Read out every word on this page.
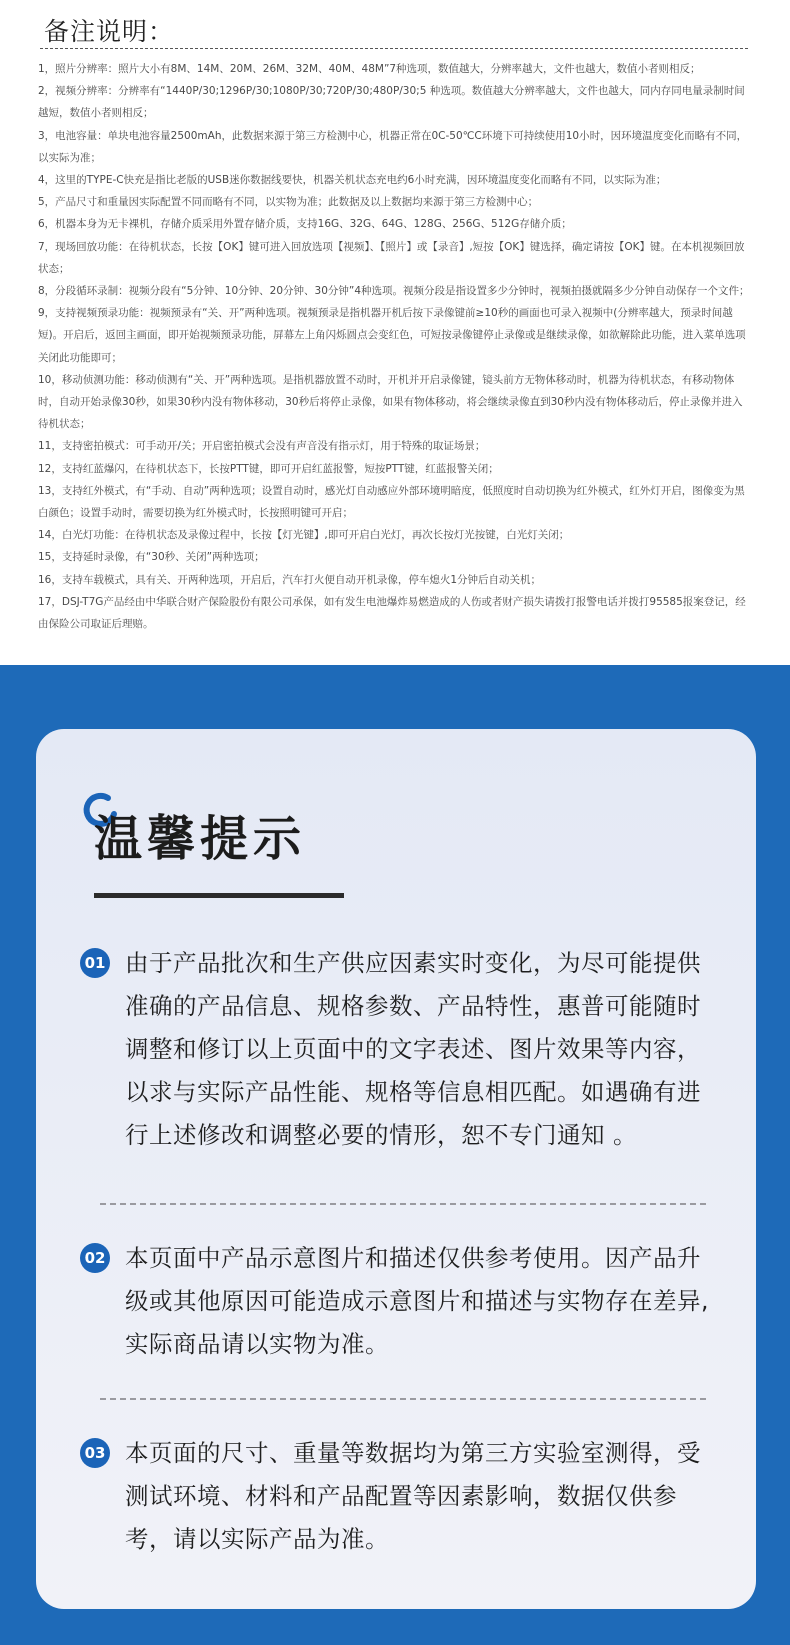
备注说明：
1，照片分辨率：照片大小有8M、14M、20M、26M、32M、40M、48M”7种选项，数值越大，分辨率越大，文件也越大，数值小者则相反；
2，视频分辨率：分辨率有“1440P/30;1296P/30;1080P/30;720P/30;480P/30;5 种选项。数值越大分辨率越大，文件也越大，同内存同电量录制时间越短，数值小者则相反；
3，电池容量：单块电池容量2500mAh，此数据来源于第三方检测中心，机器正常在0C-50℃C环境下可持续使用10小时，因环境温度变化而略有不同，以实际为准；
4，这里的TYPE-C快充是指比老版的USB迷你数据线要快，机器关机状态充电约6小时充满，因环境温度变化而略有不同，以实际为准；
5，产品尺寸和重量因实际配置不同而略有不同，以实物为准；此数据及以上数据均来源于第三方检测中心；
6，机器本身为无卡裸机，存储介质采用外置存储介质，支持16G、32G、64G、128G、256G、512G存储介质；
7，现场回放功能：在待机状态，长按【OK】键可进入回放选项【视频】、【照片】或【录音】,短按【OK】键选择，确定请按【OK】键。在本机视频回放状态；
8，分段循环录制：视频分段有“5分钟、10分钟、20分钟、30分钟”4种选项。视频分段是指设置多少分钟时，视频拍摄就隔多少分钟自动保存一个文件；
9，支持视频预录功能：视频预录有“关、开”两种选项。视频预录是指机器开机后按下录像键前≥10秒的画面也可录入视频中(分辨率越大，预录时间越短)。开启后，返回主画面，即开始视频预录功能，屏幕左上角闪烁圆点会变红色，可短按录像键停止录像或是继续录像，如欲解除此功能，进入菜单选项关闭此功能即可；
10，移动侦测功能：移动侦测有“关、开”两种选项。是指机器放置不动时，开机并开启录像键，镜头前方无物体移动时，机器为待机状态，有移动物体时，自动开始录像30秒，如果30秒内没有物体移动，30秒后将停止录像，如果有物体移动，将会继续录像直到30秒内没有物体移动后，停止录像并进入待机状态；
11，支持密拍模式：可手动开/关；开启密拍模式会没有声音没有指示灯，用于特殊的取证场景；
12，支持红蓝爆闪，在待机状态下，长按PTT键，即可开启红蓝报警，短按PTT键，红蓝报警关闭；
13，支持红外模式，有“手动、自动”两种选项；设置自动时，感光灯自动感应外部环境明暗度，低照度时自动切换为红外模式，红外灯开启，图像变为黑白颜色；设置手动时，需要切换为红外模式时，长按照明键可开启；
14，白光灯功能：在待机状态及录像过程中，长按【灯光键】,即可开启白光灯，再次长按灯光按键，白光灯关闭；
15，支持延时录像，有“30秒、关闭”两种选项；
16，支持车载模式，具有关、开两种选项，开启后，汽车打火便自动开机录像，停车熄火1分钟后自动关机；
17，DSJ-T7G产品经由中华联合财产保险股份有限公司承保，如有发生电池爆炸易燃造成的人伤或者财产损失请拨打报警电话并拨打95585报案登记，经由保险公司取证后理赔。
温馨提示
01 由于产品批次和生产供应因素实时变化，为尽可能提供准确的产品信息、规格参数、产品特性，惠普可能随时调整和修订以上页面中的文字表述、图片效果等内容，以求与实际产品性能、规格等信息相匹配。如遇确有进行上述修改和调整必要的情形，恕不专门通知 。

02 本页面中产品示意图片和描述仅供参考使用。因产品升级或其他原因可能造成示意图片和描述与实物存在差异,实际商品请以实物为准。

03 本页面的尺寸、重量等数据均为第三方实验室测得，受测试环境、材料和产品配置等因素影响，数据仅供参考，请以实际产品为准。
